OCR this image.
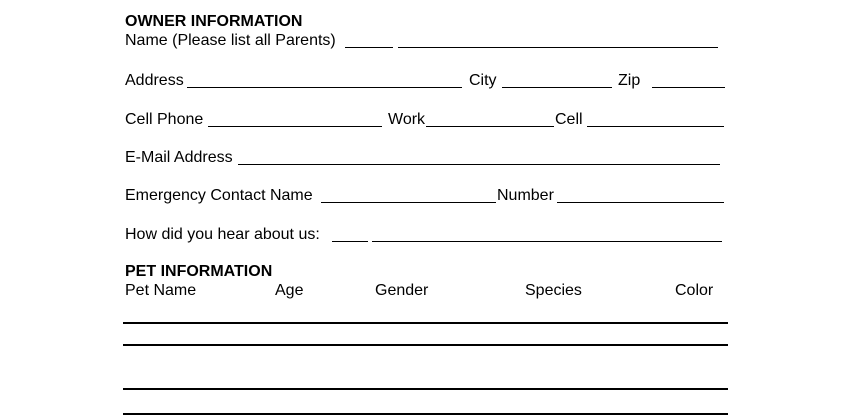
OWNER INFORMATION
Name (Please list all Parents)
Address	City	Zip
Cell Phone	Work	Cell
E-Mail Address
Emergency Contact Name	Number
How did you hear about us:
PET INFORMATION
Pet Name	Age	Gender	Species	Color
